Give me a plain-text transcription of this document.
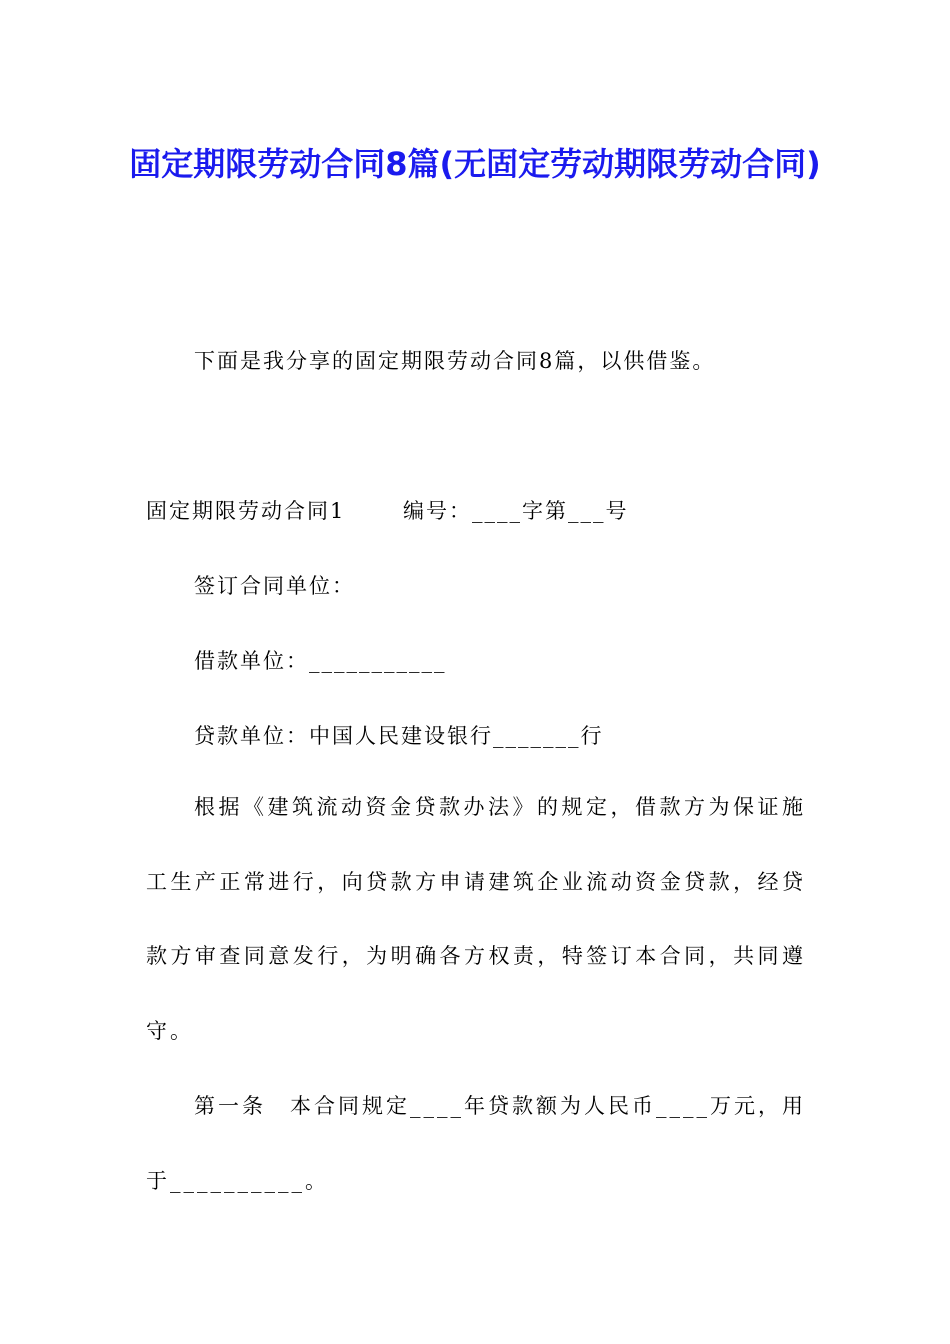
固定期限劳动合同8篇(无固定劳动期限劳动合同)
下面是我分享的固定期限劳动合同8篇，以供借鉴。
固定期限劳动合同1	编号：____字第___号
签订合同单位：
借款单位：___________
贷款单位：中国人民建设银行_______行

根据《建筑流动资金贷款办法》的规定，借款方为保证施工生产正常进行，向贷款方申请建筑企业流动资金贷款，经贷款方审查同意发行，为明确各方权责，特签订本合同，共同遵守。

第一条　本合同规定____年贷款额为人民币____万元，用于__________。
